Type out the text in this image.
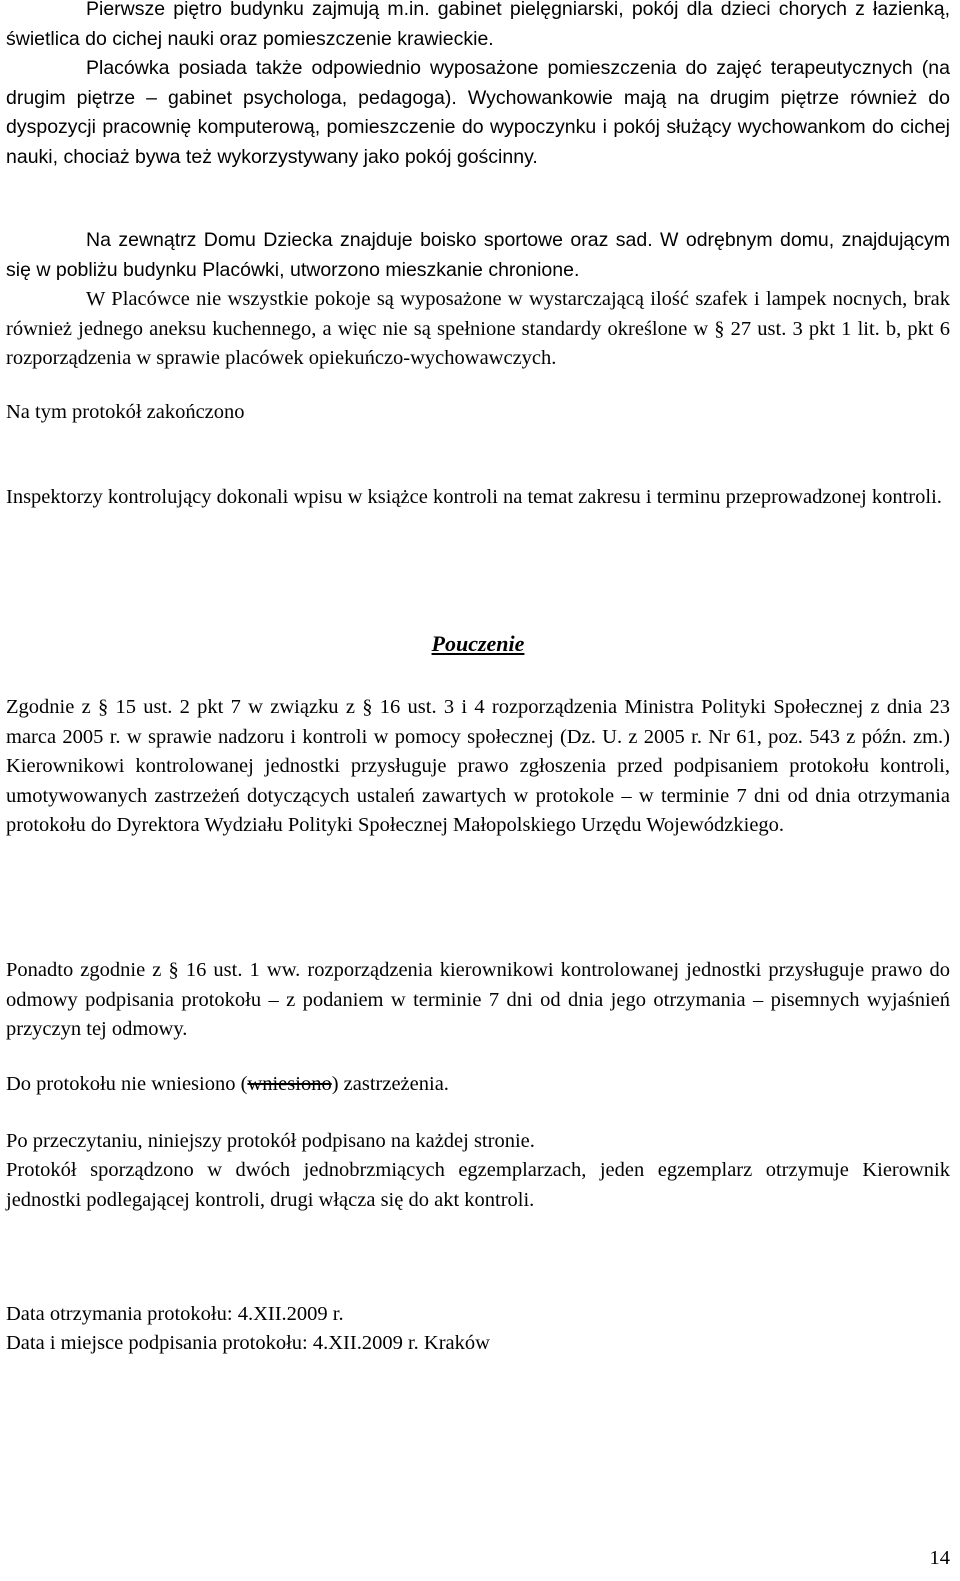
Pierwsze piętro budynku zajmują m.in. gabinet pielęgniarski, pokój dla dzieci chorych z łazienką, świetlica do cichej nauki oraz pomieszczenie krawieckie.

Placówka posiada także odpowiednio wyposażone pomieszczenia do zajęć terapeutycznych (na drugim piętrze – gabinet psychologa, pedagoga). Wychowankowie mają na drugim piętrze również do dyspozycji pracownię komputerową, pomieszczenie do wypoczynku i pokój służący wychowankom do cichej nauki, chociaż bywa też wykorzystywany jako pokój gościnny.

Na zewnątrz Domu Dziecka znajduje boisko sportowe oraz sad. W odrębnym domu, znajdującym się w pobliżu budynku Placówki, utworzono mieszkanie chronione.

W Placówce nie wszystkie pokoje są wyposażone w wystarczającą ilość szafek i lampek nocnych, brak również jednego aneksu kuchennego, a więc nie są spełnione standardy określone w § 27 ust. 3 pkt 1 lit. b, pkt 6 rozporządzenia w sprawie placówek opiekuńczo-wychowawczych.

Na tym protokół zakończono

Inspektorzy kontrolujący dokonali wpisu w książce kontroli na temat zakresu i terminu przeprowadzonej kontroli.

Pouczenie

Zgodnie z § 15 ust. 2 pkt 7 w związku z § 16 ust. 3 i 4 rozporządzenia Ministra Polityki Społecznej z dnia 23 marca 2005 r. w sprawie nadzoru i kontroli w pomocy społecznej (Dz. U. z 2005 r. Nr 61, poz. 543 z późn. zm.) Kierownikowi kontrolowanej jednostki przysługuje prawo zgłoszenia przed podpisaniem protokołu kontroli, umotywowanych zastrzeżeń dotyczących ustaleń zawartych w protokole – w terminie 7 dni od dnia otrzymania protokołu do Dyrektora Wydziału Polityki Społecznej Małopolskiego Urzędu Wojewódzkiego.

Ponadto zgodnie z § 16 ust. 1 ww. rozporządzenia kierownikowi kontrolowanej jednostki przysługuje prawo do odmowy podpisania protokołu – z podaniem w terminie 7 dni od dnia jego otrzymania – pisemnych wyjaśnień przyczyn tej odmowy.

Do protokołu nie wniesiono (wniesiono) zastrzeżenia.

Po przeczytaniu, niniejszy protokół podpisano na każdej stronie.

Protokół sporządzono w dwóch jednobrzmiących egzemplarzach, jeden egzemplarz otrzymuje Kierownik jednostki podlegającej kontroli, drugi włącza się do akt kontroli.

Data otrzymania protokołu: 4.XII.2009 r.

Data i miejsce podpisania protokołu: 4.XII.2009 r. Kraków

14
